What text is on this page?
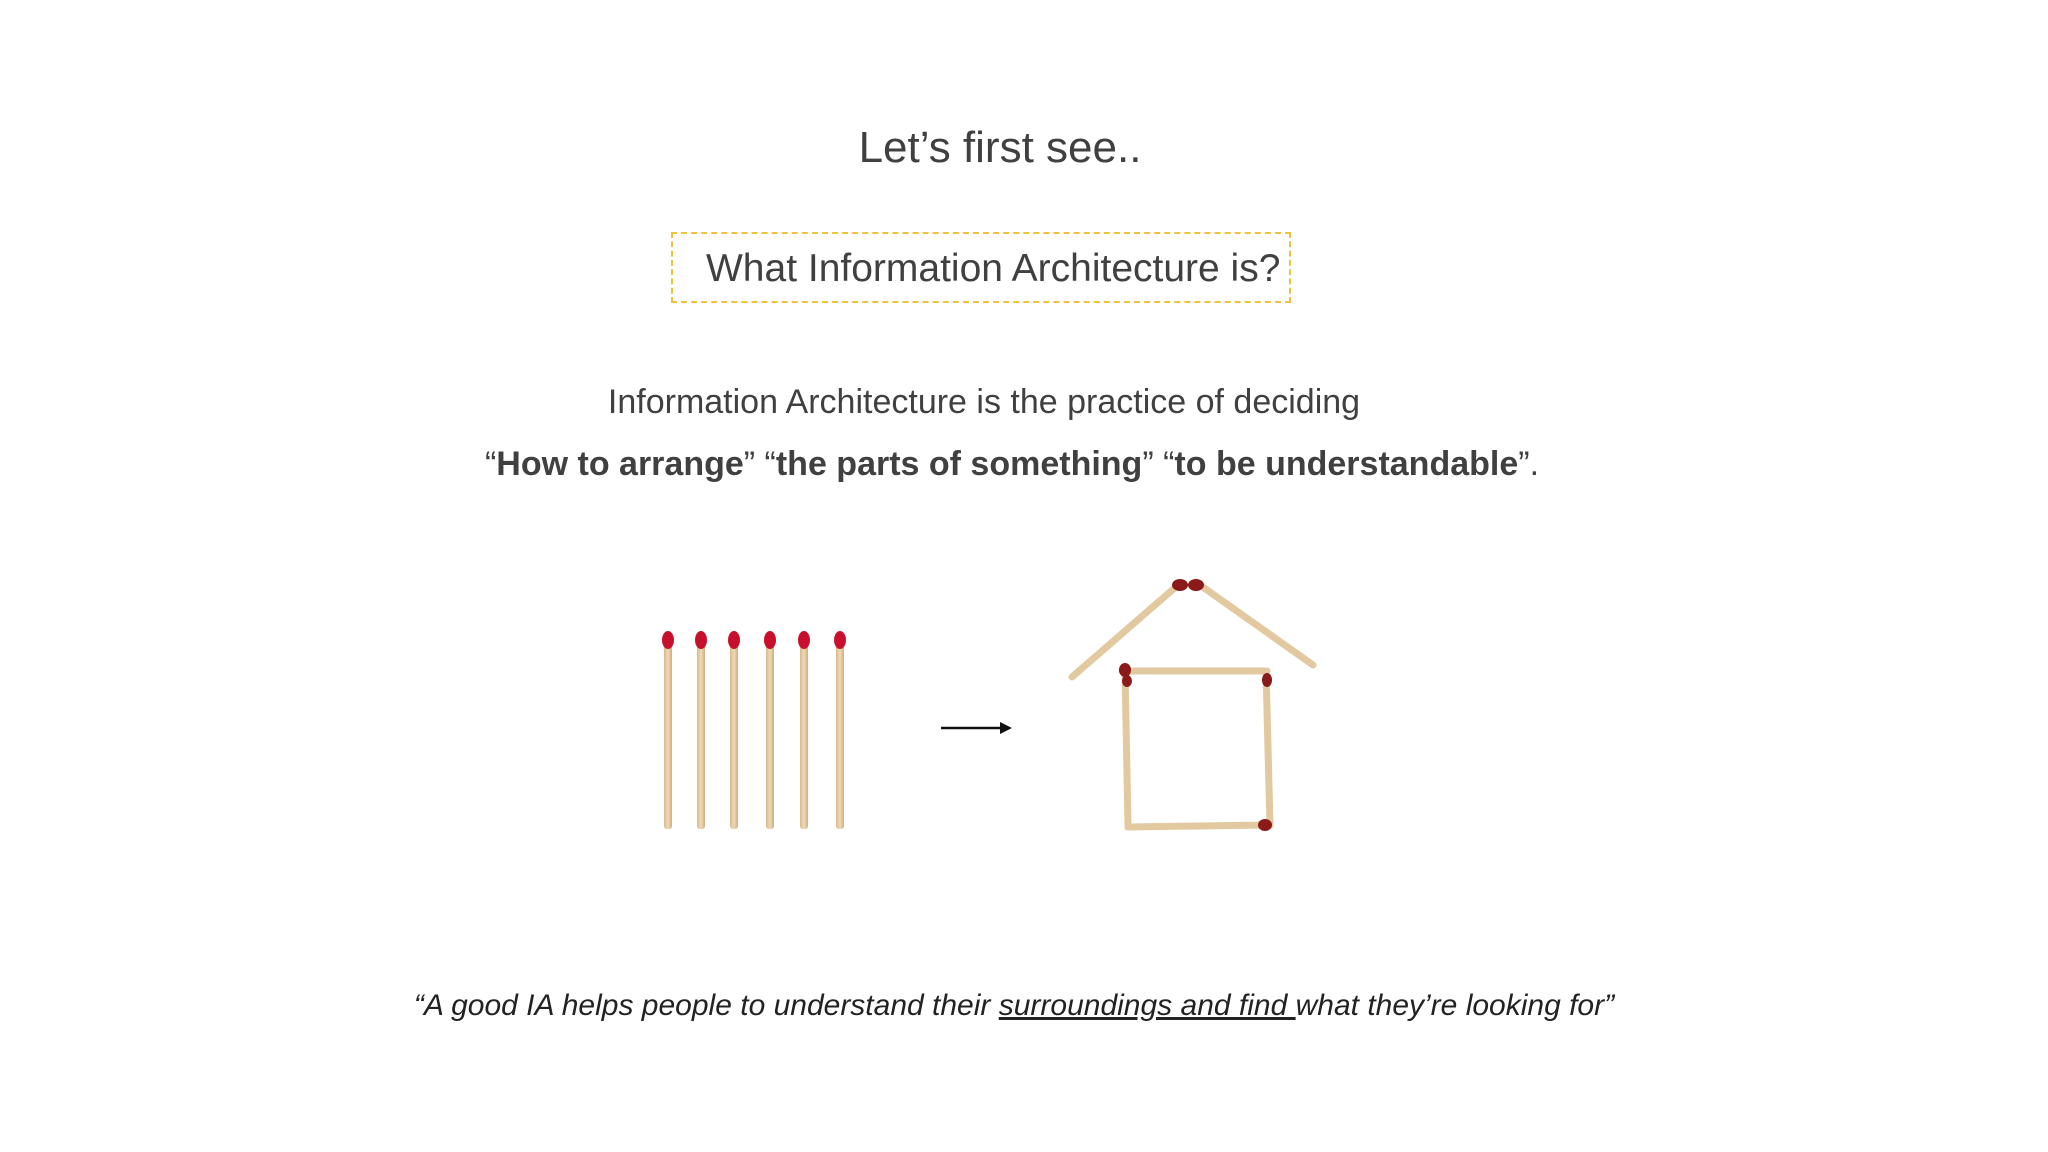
Let’s first see..
What Information Architecture is?
Information Architecture is the practice of deciding
“How to arrange” “the parts of something” “to be understandable”.
“A good IA helps people to understand their surroundings and find what they’re looking for”
